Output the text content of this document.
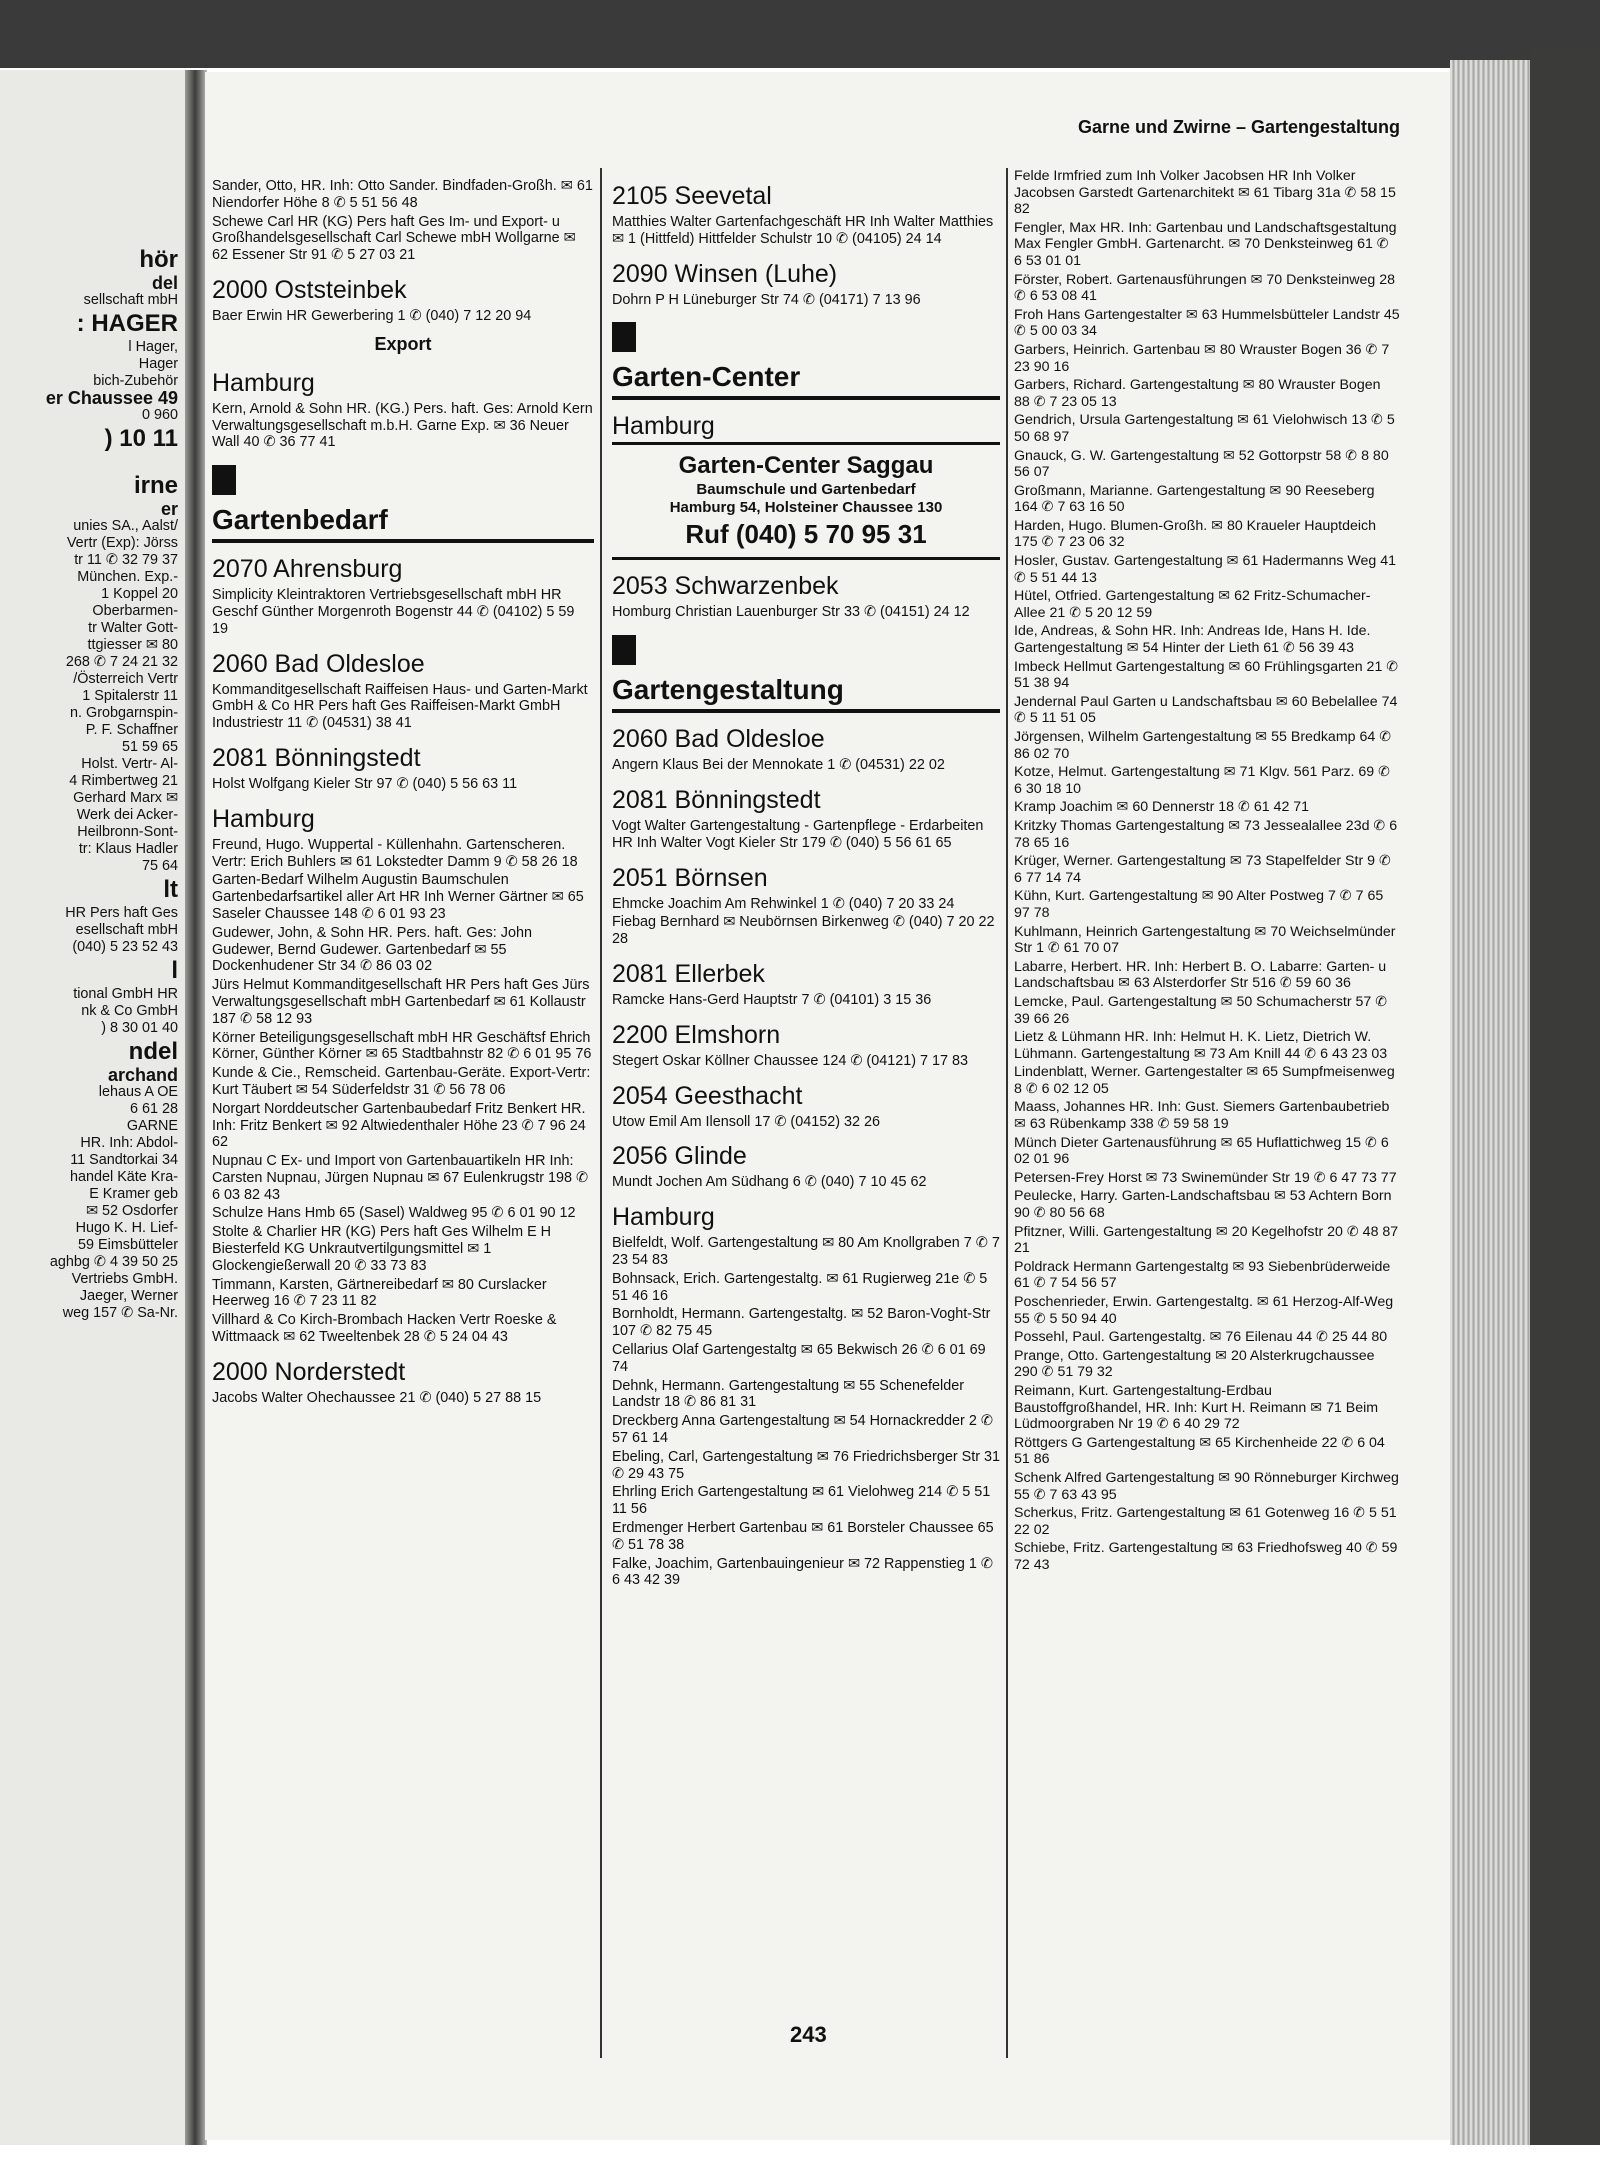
hör
del
sellschaft mbH
: HAGER
l Hager,
Hager
bich-Zubehör
er Chaussee 49
0 960
) 10 11
irne
er
unies SA., Aalst/
Vertr (Exp): Jörss
tr 11 ✆ 32 79 37
München. Exp.-
1 Koppel 20
Oberbarmen-
tr Walter Gott-
ttgiesser ✉ 80
268 ✆ 7 24 21 32
/Österreich Vertr
1 Spitalerstr 11
n. Grobgarnspin-
P. F. Schaffner
51 59 65
Holst. Vertr- Al-
4 Rimbertweg 21
Gerhard Marx ✉
Werk dei Acker-
Heilbronn-Sont-
tr: Klaus Hadler
75 64
lt
HR Pers haft Ges
esellschaft mbH
(040) 5 23 52 43
l
tional GmbH HR
nk & Co GmbH
) 8 30 01 40
ndel
archand
lehaus A OE
6 61 28
GARNE
HR. Inh: Abdol-
11 Sandtorkai 34
handel Käte Kra-
E Kramer geb
✉ 52 Osdorfer
Hugo K. H. Lief-
59 Eimsbütteler
aghbg ✆ 4 39 50 25
Vertriebs GmbH.
Jaeger, Werner
weg 157 ✆ Sa-Nr.
Garne und Zwirne – Gartengestaltung
Sander, Otto, HR. Inh: Otto Sander. Bindfaden-Großh. ✉ 61 Niendorfer Höhe 8 ✆ 5 51 56 48
Schewe Carl HR (KG) Pers haft Ges Im- und Export- u Großhandelsgesellschaft Carl Schewe mbH Wollgarne ✉ 62 Essener Str 91 ✆ 5 27 03 21
2000 Oststeinbek
Baer Erwin HR Gewerbering 1 ✆ (040) 7 12 20 94
Export
Hamburg
Kern, Arnold & Sohn HR. (KG.) Pers. haft. Ges: Arnold Kern Verwaltungsgesellschaft m.b.H. Garne Exp. ✉ 36 Neuer Wall 40 ✆ 36 77 41
Gartenbedarf
2070 Ahrensburg
Simplicity Kleintraktoren Vertriebsgesellschaft mbH HR Geschf Günther Morgenroth Bogenstr 44 ✆ (04102) 5 59 19
2060 Bad Oldesloe
Kommanditgesellschaft Raiffeisen Haus- und Garten-Markt GmbH & Co HR Pers haft Ges Raiffeisen-Markt GmbH Industriestr 11 ✆ (04531) 38 41
2081 Bönningstedt
Holst Wolfgang Kieler Str 97 ✆ (040) 5 56 63 11
Hamburg
Freund, Hugo. Wuppertal - Küllenhahn. Gartenscheren. Vertr: Erich Buhlers ✉ 61 Lokstedter Damm 9 ✆ 58 26 18
Garten-Bedarf Wilhelm Augustin Baumschulen Gartenbedarfsartikel aller Art HR Inh Werner Gärtner ✉ 65 Saseler Chaussee 148 ✆ 6 01 93 23
Gudewer, John, & Sohn HR. Pers. haft. Ges: John Gudewer, Bernd Gudewer. Gartenbedarf ✉ 55 Dockenhudener Str 34 ✆ 86 03 02
Jürs Helmut Kommanditgesellschaft HR Pers haft Ges Jürs Verwaltungsgesellschaft mbH Gartenbedarf ✉ 61 Kollaustr 187 ✆ 58 12 93
Körner Beteiligungsgesellschaft mbH HR Geschäftsf Ehrich Körner, Günther Körner ✉ 65 Stadtbahnstr 82 ✆ 6 01 95 76
Kunde & Cie., Remscheid. Gartenbau-Geräte. Export-Vertr: Kurt Täubert ✉ 54 Süderfeldstr 31 ✆ 56 78 06
Norgart Norddeutscher Gartenbaubedarf Fritz Benkert HR. Inh: Fritz Benkert ✉ 92 Altwiedenthaler Höhe 23 ✆ 7 96 24 62
Nupnau C Ex- und Import von Gartenbauartikeln HR Inh: Carsten Nupnau, Jürgen Nupnau ✉ 67 Eulenkrugstr 198 ✆ 6 03 82 43
Schulze Hans Hmb 65 (Sasel) Waldweg 95 ✆ 6 01 90 12
Stolte & Charlier HR (KG) Pers haft Ges Wilhelm E H Biesterfeld KG Unkrautvertilgungsmittel ✉ 1 Glockengießerwall 20 ✆ 33 73 83
Timmann, Karsten, Gärtnereibedarf ✉ 80 Curslacker Heerweg 16 ✆ 7 23 11 82
Villhard & Co Kirch-Brombach Hacken Vertr Roeske & Wittmaack ✉ 62 Tweeltenbek 28 ✆ 5 24 04 43
2000 Norderstedt
Jacobs Walter Ohechaussee 21 ✆ (040) 5 27 88 15
2105 Seevetal
Matthies Walter Gartenfachgeschäft HR Inh Walter Matthies ✉ 1 (Hittfeld) Hittfelder Schulstr 10 ✆ (04105) 24 14
2090 Winsen (Luhe)
Dohrn P H Lüneburger Str 74 ✆ (04171) 7 13 96
Garten-Center
Hamburg
Garten-Center Saggau
Baumschule und Gartenbedarf
Hamburg 54, Holsteiner Chaussee 130
Ruf (040) 5 70 95 31
2053 Schwarzenbek
Homburg Christian Lauenburger Str 33 ✆ (04151) 24 12
Gartengestaltung
2060 Bad Oldesloe
Angern Klaus Bei der Mennokate 1 ✆ (04531) 22 02
2081 Bönningstedt
Vogt Walter Gartengestaltung - Gartenpflege - Erdarbeiten HR Inh Walter Vogt Kieler Str 179 ✆ (040) 5 56 61 65
2051 Börnsen
Ehmcke Joachim Am Rehwinkel 1 ✆ (040) 7 20 33 24
Fiebag Bernhard ✉ Neubörnsen Birkenweg ✆ (040) 7 20 22 28
2081 Ellerbek
Ramcke Hans-Gerd Hauptstr 7 ✆ (04101) 3 15 36
2200 Elmshorn
Stegert Oskar Köllner Chaussee 124 ✆ (04121) 7 17 83
2054 Geesthacht
Utow Emil Am Ilensoll 17 ✆ (04152) 32 26
2056 Glinde
Mundt Jochen Am Südhang 6 ✆ (040) 7 10 45 62
Hamburg
Bielfeldt, Wolf. Gartengestaltung ✉ 80 Am Knollgraben 7 ✆ 7 23 54 83
Bohnsack, Erich. Gartengestaltg. ✉ 61 Rugierweg 21e ✆ 5 51 46 16
Bornholdt, Hermann. Gartengestaltg. ✉ 52 Baron-Voght-Str 107 ✆ 82 75 45
Cellarius Olaf Gartengestaltg ✉ 65 Bekwisch 26 ✆ 6 01 69 74
Dehnk, Hermann. Gartengestaltung ✉ 55 Schenefelder Landstr 18 ✆ 86 81 31
Dreckberg Anna Gartengestaltung ✉ 54 Hornackredder 2 ✆ 57 61 14
Ebeling, Carl, Gartengestaltung ✉ 76 Friedrichsberger Str 31 ✆ 29 43 75
Ehrling Erich Gartengestaltung ✉ 61 Vielohweg 214 ✆ 5 51 11 56
Erdmenger Herbert Gartenbau ✉ 61 Borsteler Chaussee 65 ✆ 51 78 38
Falke, Joachim, Gartenbauingenieur ✉ 72 Rappenstieg 1 ✆ 6 43 42 39
Felde Irmfried zum Inh Volker Jacobsen HR Inh Volker Jacobsen Garstedt Gartenarchitekt ✉ 61 Tibarg 31a ✆ 58 15 82
Fengler, Max HR. Inh: Gartenbau und Landschaftsgestaltung Max Fengler GmbH. Gartenarcht. ✉ 70 Denksteinweg 61 ✆ 6 53 01 01
Förster, Robert. Gartenausführungen ✉ 70 Denksteinweg 28 ✆ 6 53 08 41
Froh Hans Gartengestalter ✉ 63 Hummelsbütteler Landstr 45 ✆ 5 00 03 34
Garbers, Heinrich. Gartenbau ✉ 80 Wrauster Bogen 36 ✆ 7 23 90 16
Garbers, Richard. Gartengestaltung ✉ 80 Wrauster Bogen 88 ✆ 7 23 05 13
Gendrich, Ursula Gartengestaltung ✉ 61 Vielohwisch 13 ✆ 5 50 68 97
Gnauck, G. W. Gartengestaltung ✉ 52 Gottorpstr 58 ✆ 8 80 56 07
Großmann, Marianne. Gartengestaltung ✉ 90 Reeseberg 164 ✆ 7 63 16 50
Harden, Hugo. Blumen-Großh. ✉ 80 Kraueler Hauptdeich 175 ✆ 7 23 06 32
Hosler, Gustav. Gartengestaltung ✉ 61 Hadermanns Weg 41 ✆ 5 51 44 13
Hütel, Otfried. Gartengestaltung ✉ 62 Fritz-Schumacher-Allee 21 ✆ 5 20 12 59
Ide, Andreas, & Sohn HR. Inh: Andreas Ide, Hans H. Ide. Gartengestaltung ✉ 54 Hinter der Lieth 61 ✆ 56 39 43
Imbeck Hellmut Gartengestaltung ✉ 60 Frühlingsgarten 21 ✆ 51 38 94
Jendernal Paul Garten u Landschaftsbau ✉ 60 Bebelallee 74 ✆ 5 11 51 05
Jörgensen, Wilhelm Gartengestaltung ✉ 55 Bredkamp 64 ✆ 86 02 70
Kotze, Helmut. Gartengestaltung ✉ 71 Klgv. 561 Parz. 69 ✆ 6 30 18 10
Kramp Joachim ✉ 60 Dennerstr 18 ✆ 61 42 71
Kritzky Thomas Gartengestaltung ✉ 73 Jessealallee 23d ✆ 6 78 65 16
Krüger, Werner. Gartengestaltung ✉ 73 Stapelfelder Str 9 ✆ 6 77 14 74
Kühn, Kurt. Gartengestaltung ✉ 90 Alter Postweg 7 ✆ 7 65 97 78
Kuhlmann, Heinrich Gartengestaltung ✉ 70 Weichselmünder Str 1 ✆ 61 70 07
Labarre, Herbert. HR. Inh: Herbert B. O. Labarre: Garten- u Landschaftsbau ✉ 63 Alsterdorfer Str 516 ✆ 59 60 36
Lemcke, Paul. Gartengestaltung ✉ 50 Schumacherstr 57 ✆ 39 66 26
Lietz & Lühmann HR. Inh: Helmut H. K. Lietz, Dietrich W. Lühmann. Gartengestaltung ✉ 73 Am Knill 44 ✆ 6 43 23 03
Lindenblatt, Werner. Gartengestalter ✉ 65 Sumpfmeisenweg 8 ✆ 6 02 12 05
Maass, Johannes HR. Inh: Gust. Siemers Gartenbaubetrieb ✉ 63 Rübenkamp 338 ✆ 59 58 19
Münch Dieter Gartenausführung ✉ 65 Huflattichweg 15 ✆ 6 02 01 96
Petersen-Frey Horst ✉ 73 Swinemünder Str 19 ✆ 6 47 73 77
Peulecke, Harry. Garten-Landschaftsbau ✉ 53 Achtern Born 90 ✆ 80 56 68
Pfitzner, Willi. Gartengestaltung ✉ 20 Kegelhofstr 20 ✆ 48 87 21
Poldrack Hermann Gartengestaltg ✉ 93 Siebenbrüderweide 61 ✆ 7 54 56 57
Poschenrieder, Erwin. Gartengestaltg. ✉ 61 Herzog-Alf-Weg 55 ✆ 5 50 94 40
Possehl, Paul. Gartengestaltg. ✉ 76 Eilenau 44 ✆ 25 44 80
Prange, Otto. Gartengestaltung ✉ 20 Alsterkrugchaussee 290 ✆ 51 79 32
Reimann, Kurt. Gartengestaltung-Erdbau Baustoffgroßhandel, HR. Inh: Kurt H. Reimann ✉ 71 Beim Lüdmoorgraben Nr 19 ✆ 6 40 29 72
Röttgers G Gartengestaltung ✉ 65 Kirchenheide 22 ✆ 6 04 51 86
Schenk Alfred Gartengestaltung ✉ 90 Rönneburger Kirchweg 55 ✆ 7 63 43 95
Scherkus, Fritz. Gartengestaltung ✉ 61 Gotenweg 16 ✆ 5 51 22 02
Schiebe, Fritz. Gartengestaltung ✉ 63 Friedhofsweg 40 ✆ 59 72 43
243
